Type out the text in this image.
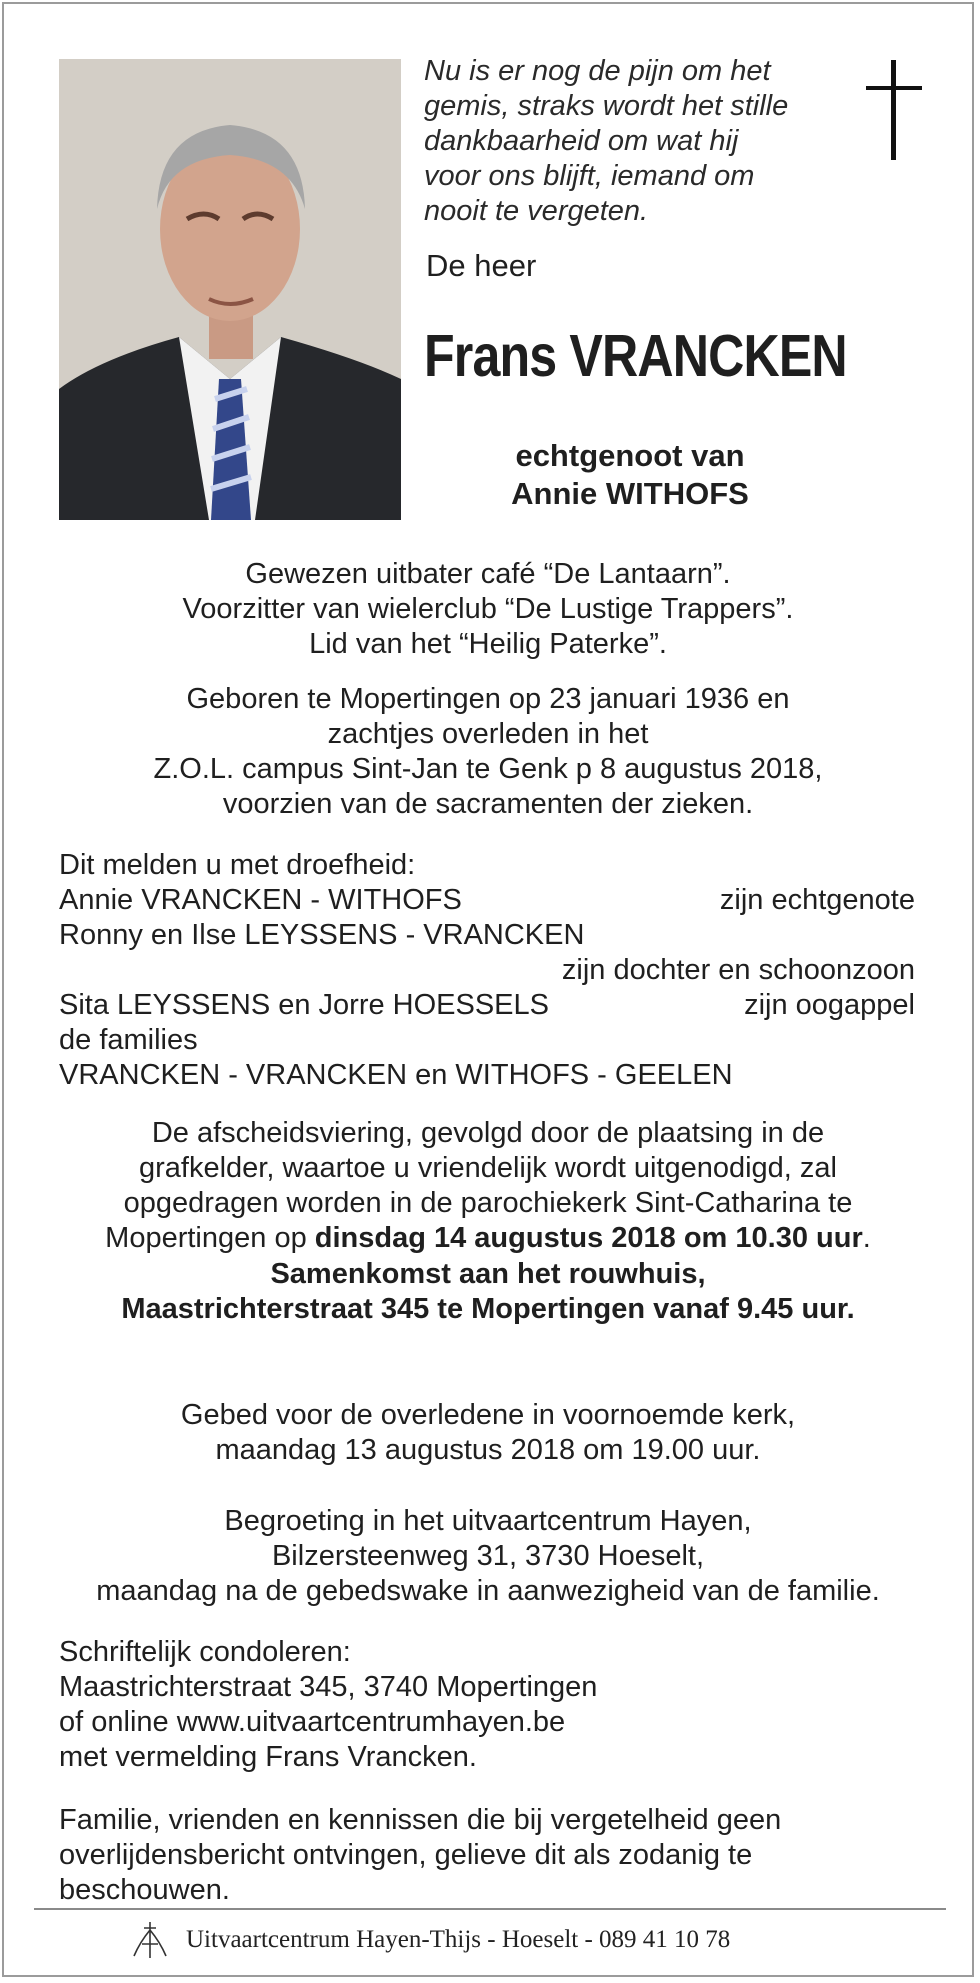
Nu is er nog de pijn om het
gemis, straks wordt het stille
dankbaarheid om wat hij
voor ons blijft, iemand om
nooit te vergeten.
De heer
Frans VRANCKEN
echtgenoot van
Annie WITHOFS
Gewezen uitbater café “De Lantaarn”.
Voorzitter van wielerclub “De Lustige Trappers”.
Lid van het “Heilig Paterke”.
Geboren te Mopertingen op 23 januari 1936 en
zachtjes overleden in het
Z.O.L. campus Sint-Jan te Genk p 8 augustus 2018,
voorzien van de sacramenten der zieken.
Dit melden u met droefheid:
Annie VRANCKEN - WITHOFS	zijn echtgenote
Ronny en Ilse LEYSSENS - VRANCKEN
zijn dochter en schoonzoon
Sita LEYSSENS en Jorre HOESSELS	zijn oogappel
de families
VRANCKEN - VRANCKEN en WITHOFS - GEELEN
De afscheidsviering, gevolgd door de plaatsing in de
grafkelder, waartoe u vriendelijk wordt uitgenodigd, zal
opgedragen worden in de parochiekerk Sint-Catharina te
Mopertingen op dinsdag 14 augustus 2018 om 10.30 uur.
Samenkomst aan het rouwhuis,
Maastrichterstraat 345 te Mopertingen vanaf 9.45 uur.
Gebed voor de overledene in voornoemde kerk,
maandag 13 augustus 2018 om 19.00 uur.
Begroeting in het uitvaartcentrum Hayen,
Bilzersteenweg 31, 3730 Hoeselt,
maandag na de gebedswake in aanwezigheid van de familie.
Schriftelijk condoleren:
Maastrichterstraat 345, 3740 Mopertingen
of online www.uitvaartcentrumhayen.be
met vermelding Frans Vrancken.
Familie, vrienden en kennissen die bij vergetelheid geen
overlijdensbericht ontvingen, gelieve dit als zodanig te
beschouwen.
Uitvaartcentrum Hayen-Thijs - Hoeselt - 089 41 10 78
